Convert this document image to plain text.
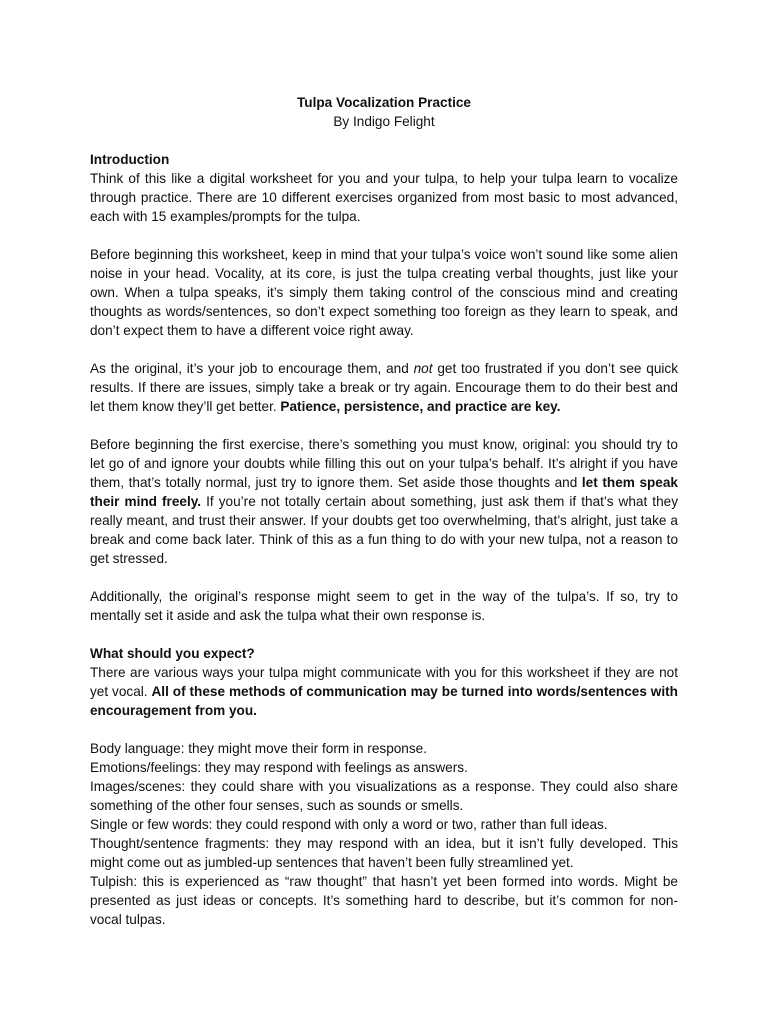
Tulpa Vocalization Practice
By Indigo Felight
Introduction

Think of this like a digital worksheet for you and your tulpa, to help your tulpa learn to vocalize through practice. There are 10 different exercises organized from most basic to most advanced, each with 15 examples/prompts for the tulpa.

Before beginning this worksheet, keep in mind that your tulpa’s voice won’t sound like some alien noise in your head. Vocality, at its core, is just the tulpa creating verbal thoughts, just like your own. When a tulpa speaks, it’s simply them taking control of the conscious mind and creating thoughts as words/sentences, so don’t expect something too foreign as they learn to speak, and don’t expect them to have a different voice right away.

As the original, it’s your job to encourage them, and not get too frustrated if you don’t see quick results. If there are issues, simply take a break or try again. Encourage them to do their best and let them know they’ll get better. Patience, persistence, and practice are key.

Before beginning the first exercise, there’s something you must know, original: you should try to let go of and ignore your doubts while filling this out on your tulpa’s behalf. It’s alright if you have them, that’s totally normal, just try to ignore them. Set aside those thoughts and let them speak their mind freely. If you’re not totally certain about something, just ask them if that’s what they really meant, and trust their answer. If your doubts get too overwhelming, that’s alright, just take a break and come back later. Think of this as a fun thing to do with your new tulpa, not a reason to get stressed.

Additionally, the original’s response might seem to get in the way of the tulpa’s. If so, try to mentally set it aside and ask the tulpa what their own response is.

What should you expect?

There are various ways your tulpa might communicate with you for this worksheet if they are not yet vocal. All of these methods of communication may be turned into words/sentences with encouragement from you.

Body language: they might move their form in response.

Emotions/feelings: they may respond with feelings as answers.

Images/scenes: they could share with you visualizations as a response. They could also share something of the other four senses, such as sounds or smells.

Single or few words: they could respond with only a word or two, rather than full ideas.

Thought/sentence fragments: they may respond with an idea, but it isn’t fully developed. This might come out as jumbled-up sentences that haven’t been fully streamlined yet.

Tulpish: this is experienced as “raw thought” that hasn’t yet been formed into words. Might be presented as just ideas or concepts. It’s something hard to describe, but it’s common for non-vocal tulpas.
